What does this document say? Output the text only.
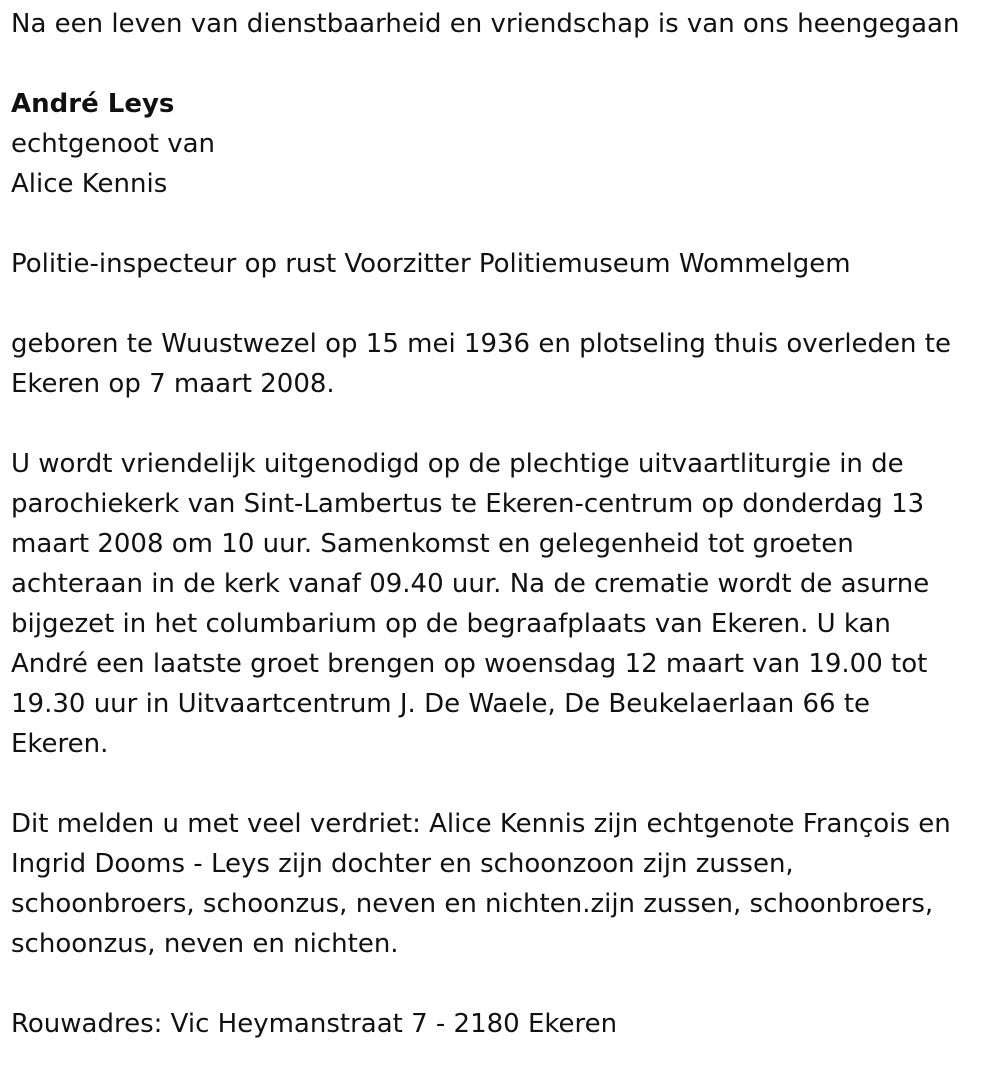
Na een leven van dienstbaarheid en vriendschap is van ons heengegaan

André Leys

echtgenoot van

Alice Kennis

Politie-inspecteur op rust Voorzitter Politiemuseum Wommelgem

geboren te Wuustwezel op 15 mei 1936 en plotseling thuis overleden te Ekeren op 7 maart 2008.

U wordt vriendelijk uitgenodigd op de plechtige uitvaartliturgie in de parochiekerk van Sint-Lambertus te Ekeren-centrum op donderdag 13 maart 2008 om 10 uur. Samenkomst en gelegenheid tot groeten achteraan in de kerk vanaf 09.40 uur. Na de crematie wordt de asurne bijgezet in het columbarium op de begraafplaats van Ekeren. U kan André een laatste groet brengen op woensdag 12 maart van 19.00 tot 19.30 uur in Uitvaartcentrum J. De Waele, De Beukelaerlaan 66 te Ekeren.

Dit melden u met veel verdriet: Alice Kennis zijn echtgenote François en Ingrid Dooms - Leys zijn dochter en schoonzoon zijn zussen, schoonbroers, schoonzus, neven en nichten.zijn zussen, schoonbroers, schoonzus, neven en nichten.

Rouwadres: Vic Heymanstraat 7 - 2180 Ekeren
